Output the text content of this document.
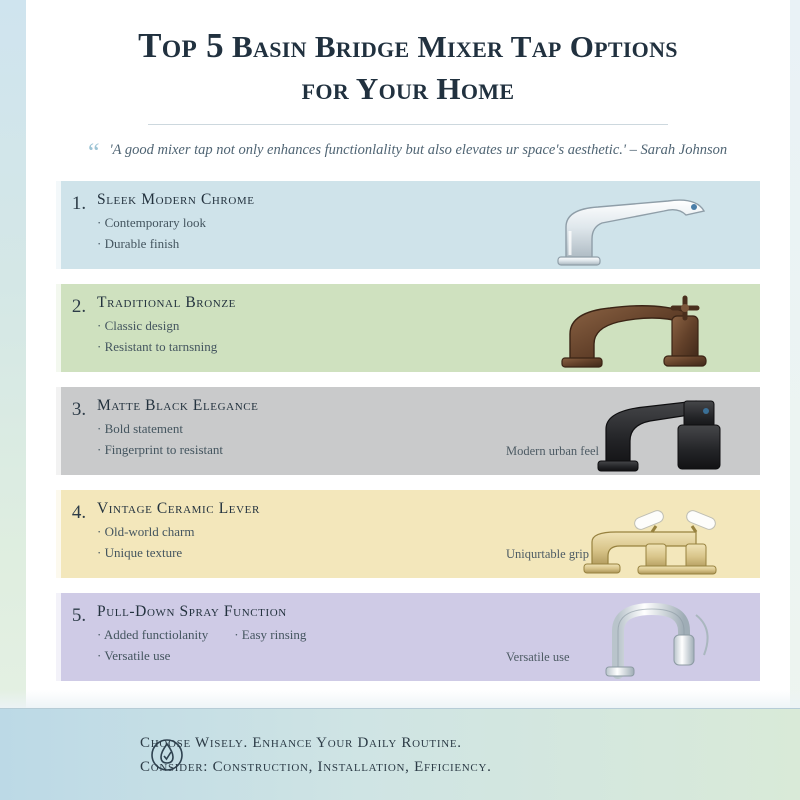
Top 5 Basin Bridge Mixer Tap Options
for Your Home
“ 'A good mixer tap not only enhances functionlality but also elevates ur space's aesthetic.' – Sarah Johnson
1. Sleek Modern Chrome
· Contemporary look
· Durable finish
2. Traditional Bronze
· Classic design
· Resistant to tarnsning
3. Matte Black Elegance
· Bold statement
· Fingerprint to resistant	Modern urban feel
4. Vintage Ceramic Lever
· Old-world charm
· Unique texture	Uniqurtable grip
5. Pull-Down Spray Function
· Added functiolanity · Easy rinsing
· Versatile use	Versatile use
Choose Wisely. Enhance Your Daily Routine.
Consider: Construction, Installation, Efficiency.
